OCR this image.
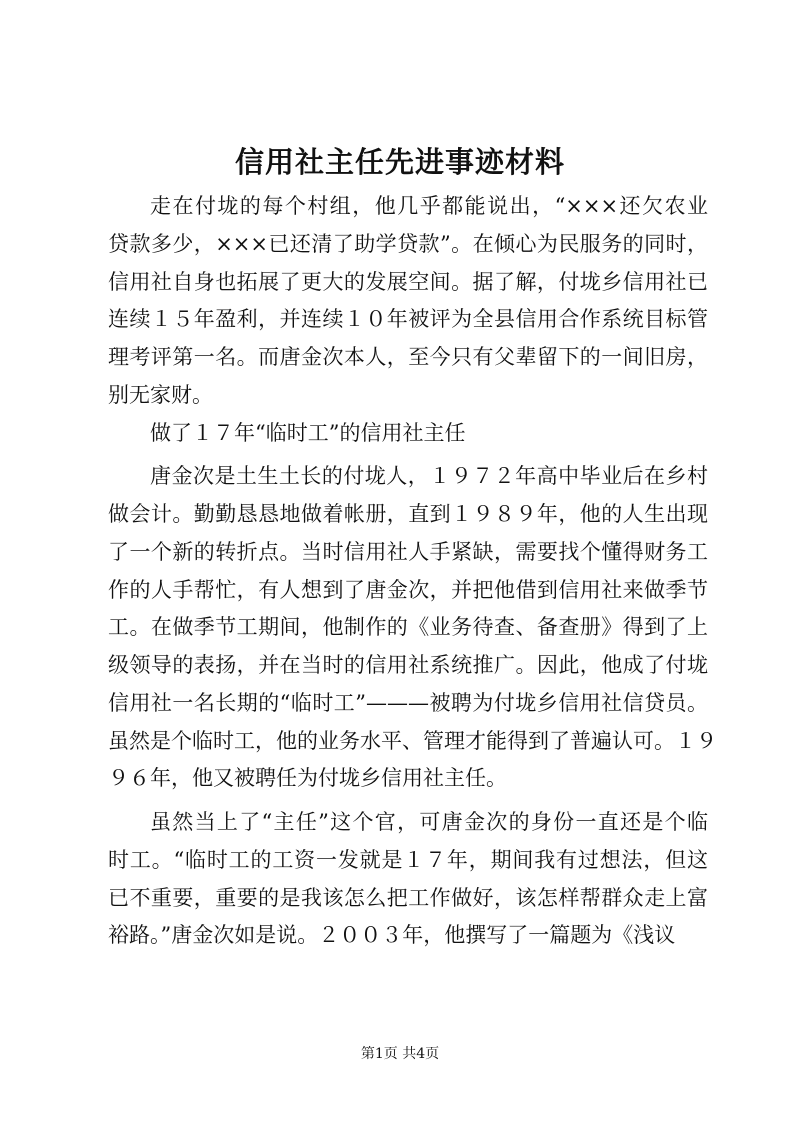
信用社主任先进事迹材料
走在付垅的每个村组，他几乎都能说出，“×××还欠农业
贷款多少，×××已还清了助学贷款”。在倾心为民服务的同时，
信用社自身也拓展了更大的发展空间。据了解，付垅乡信用社已
连续１５年盈利，并连续１０年被评为全县信用合作系统目标管
理考评第一名。而唐金次本人，至今只有父辈留下的一间旧房，
别无家财。
做了１７年“临时工”的信用社主任
唐金次是土生土长的付垅人，１９７２年高中毕业后在乡村
做会计。勤勤恳恳地做着帐册，直到１９８９年，他的人生出现
了一个新的转折点。当时信用社人手紧缺，需要找个懂得财务工
作的人手帮忙，有人想到了唐金次，并把他借到信用社来做季节
工。在做季节工期间，他制作的《业务待查、备查册》得到了上
级领导的表扬，并在当时的信用社系统推广。因此，他成了付垅
信用社一名长期的“临时工”———被聘为付垅乡信用社信贷员。
虽然是个临时工，他的业务水平、管理才能得到了普遍认可。１９
９６年，他又被聘任为付垅乡信用社主任。
虽然当上了“主任”这个官，可唐金次的身份一直还是个临
时工。“临时工的工资一发就是１７年，期间我有过想法，但这
已不重要，重要的是我该怎么把工作做好，该怎样帮群众走上富
裕路。”唐金次如是说。２００３年，他撰写了一篇题为《浅议
第1页 共4页
